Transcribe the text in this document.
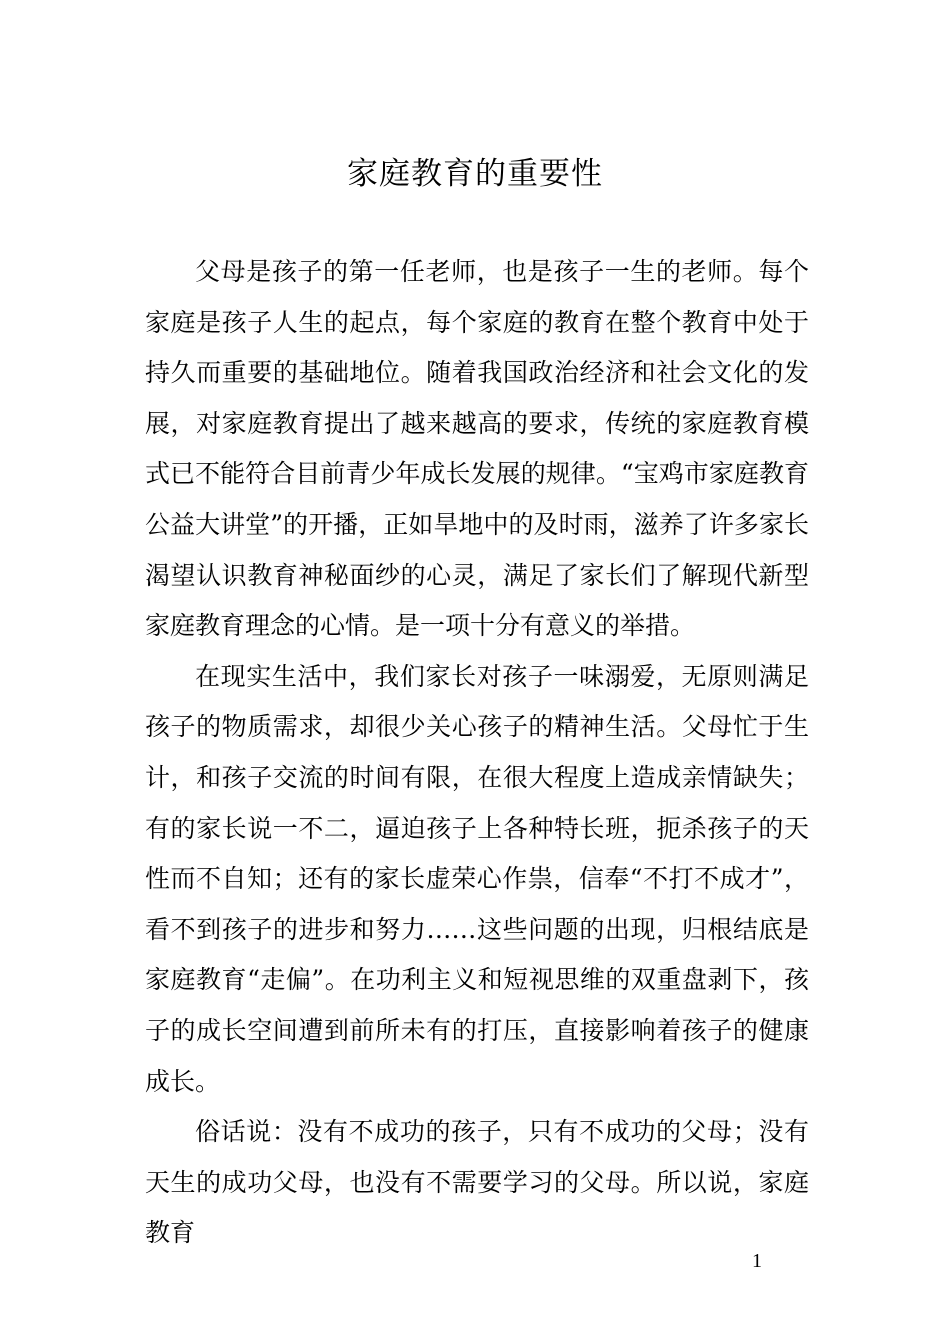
家庭教育的重要性

父母是孩子的第一任老师，也是孩子一生的老师。每个家庭是孩子人生的起点，每个家庭的教育在整个教育中处于持久而重要的基础地位。随着我国政治经济和社会文化的发展，对家庭教育提出了越来越高的要求，传统的家庭教育模式已不能符合目前青少年成长发展的规律。“宝鸡市家庭教育公益大讲堂”的开播，正如旱地中的及时雨，滋养了许多家长渴望认识教育神秘面纱的心灵，满足了家长们了解现代新型家庭教育理念的心情。是一项十分有意义的举措。

在现实生活中，我们家长对孩子一味溺爱，无原则满足孩子的物质需求，却很少关心孩子的精神生活。父母忙于生计，和孩子交流的时间有限，在很大程度上造成亲情缺失；有的家长说一不二，逼迫孩子上各种特长班，扼杀孩子的天性而不自知；还有的家长虚荣心作祟，信奉“不打不成才”，看不到孩子的进步和努力……这些问题的出现，归根结底是家庭教育“走偏”。在功利主义和短视思维的双重盘剥下，孩子的成长空间遭到前所未有的打压，直接影响着孩子的健康成长。

俗话说：没有不成功的孩子，只有不成功的父母；没有天生的成功父母，也没有不需要学习的父母。所以说，家庭教育

1
